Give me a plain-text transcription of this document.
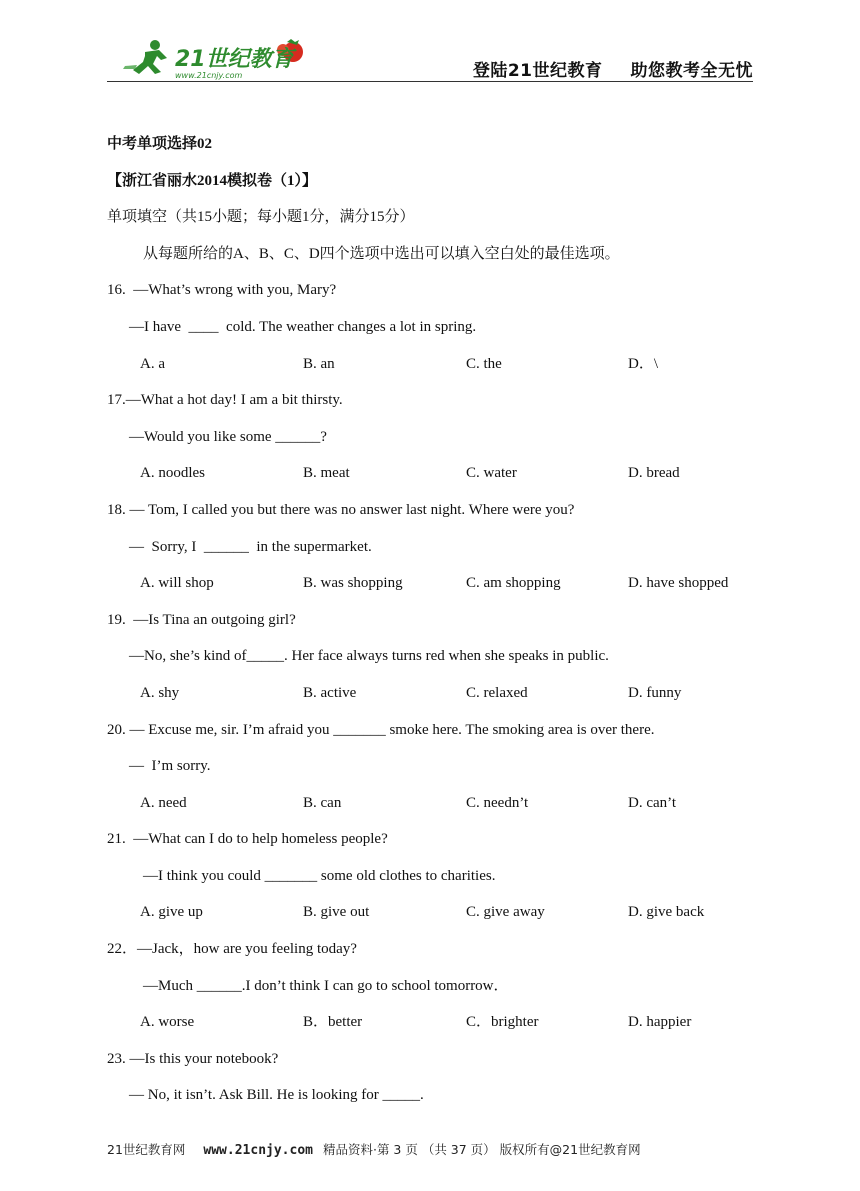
21世纪教育
www.21cnjy.com	登陆21世纪教育 助您教考全无忧
中考单项选择02
【浙江省丽水2014模拟卷（1）】
单项填空（共15小题；每小题1分，满分15分）
从每题所给的A、B、C、D四个选项中选出可以填入空白处的最佳选项。
16.  —What’s wrong with you, Mary?
—I have  ____  cold. The weather changes a lot in spring.

A. a

	B. an

	C. the

	D．\

17.—What a hot day! I am a bit thirsty.
—Would you like some ______?

A. noodles

	B. meat

	C. water

	D. bread

18. — Tom, I called you but there was no answer last night. Where were you?
—  Sorry, I  ______  in the supermarket.

A. will shop

	B. was shopping

	C. am shopping

	D. have shopped

19.  —Is Tina an outgoing girl?
—No, she’s kind of_____. Her face always turns red when she speaks in public.

A. shy

	B. active

	C. relaxed

	D. funny

20. — Excuse me, sir. I’m afraid you _______ smoke here. The smoking area is over there.
—  I’m sorry.

A. need

	B. can

	C. needn’t

	D. can’t

21.  —What can I do to help homeless people?
—I think you could _______ some old clothes to charities.

A. give up

	B. give out

	C. give away

	D. give back

22．—Jack，how are you feeling today?
—Much ______.I don’t think I can go to school tomorrow．

A. worse

	B．better

	C．brighter

	D. happier

23. —Is this your notebook?
— No, it isn’t. Ask Bill. He is looking for _____.
21世纪教育网 www.21cnjy.com 精品资料·第 3 页 （共 37 页） 版权所有@21世纪教育网
